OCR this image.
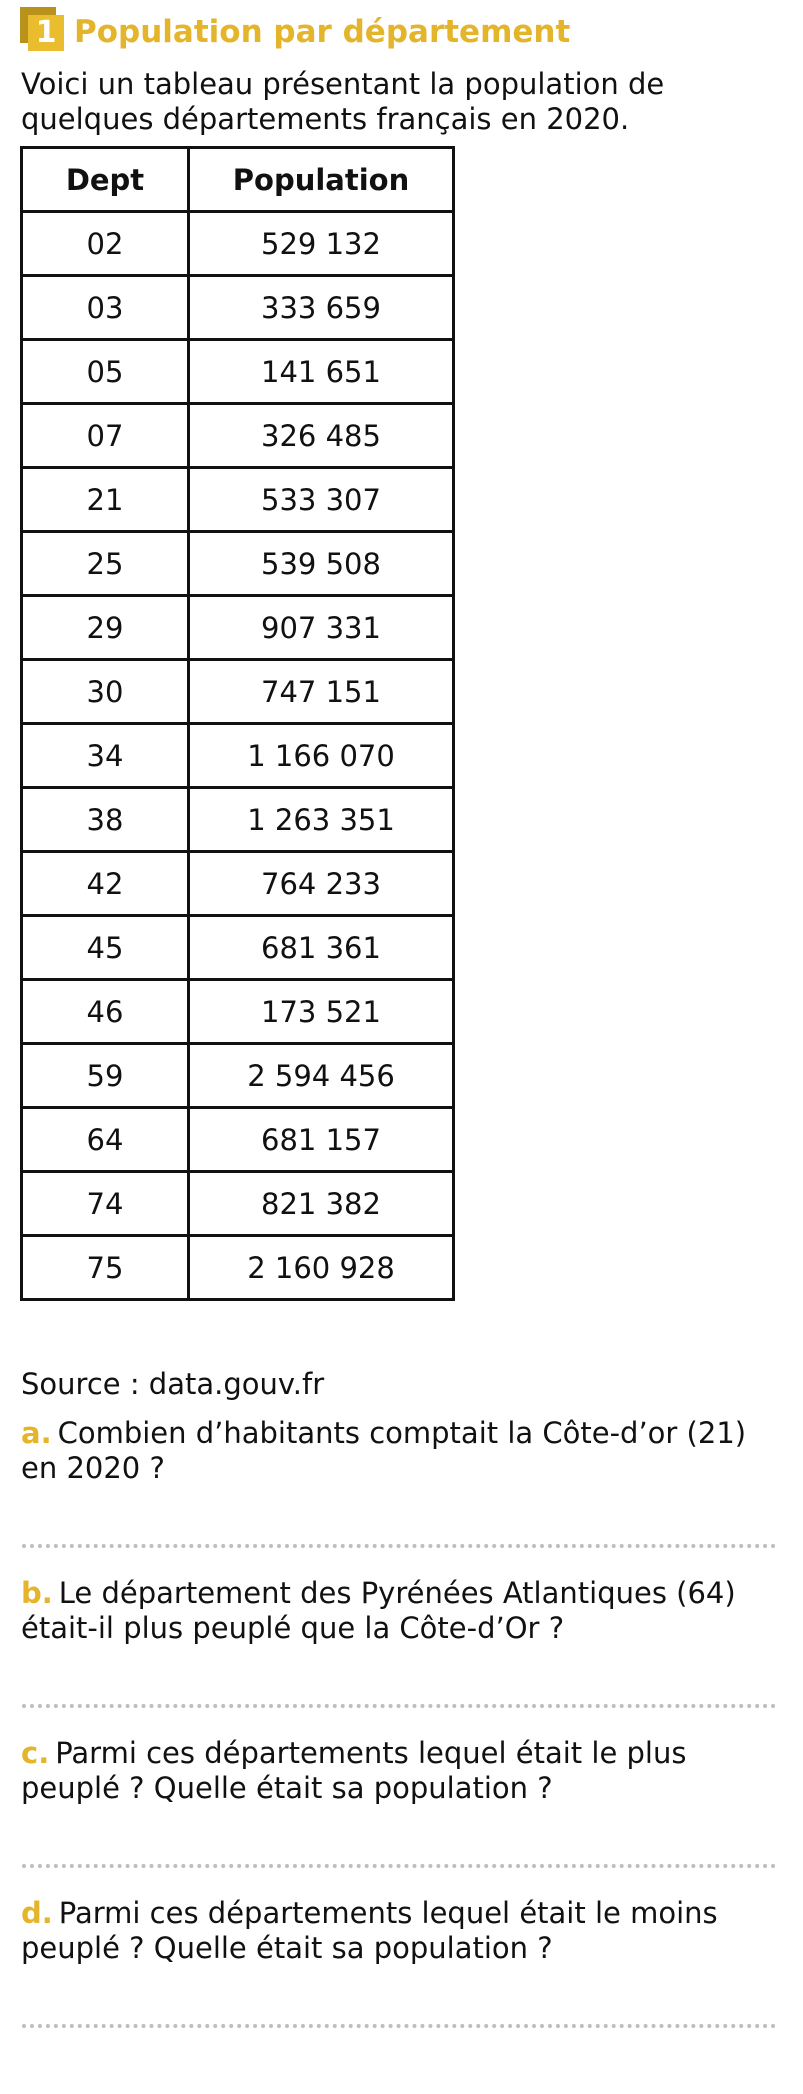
1 Population par département
Voici un tableau présentant la population de quelques départements français en 2020.
Dept	Population
02	529 132
03	333 659
05	141 651
07	326 485
21	533 307
25	539 508
29	907 331
30	747 151
34	1 166 070
38	1 263 351
42	764 233
45	681 361
46	173 521
59	2 594 456
64	681 157
74	821 382
75	2 160 928
Source : data.gouv.fr
a. Combien d’habitants comptait la Côte-d’or (21) en 2020 ?
b. Le département des Pyrénées Atlantiques (64) était-il plus peuplé que la Côte-d’Or ?
c. Parmi ces départements lequel était le plus peuplé ? Quelle était sa population ?
d. Parmi ces départements lequel était le moins peuplé ? Quelle était sa population ?
